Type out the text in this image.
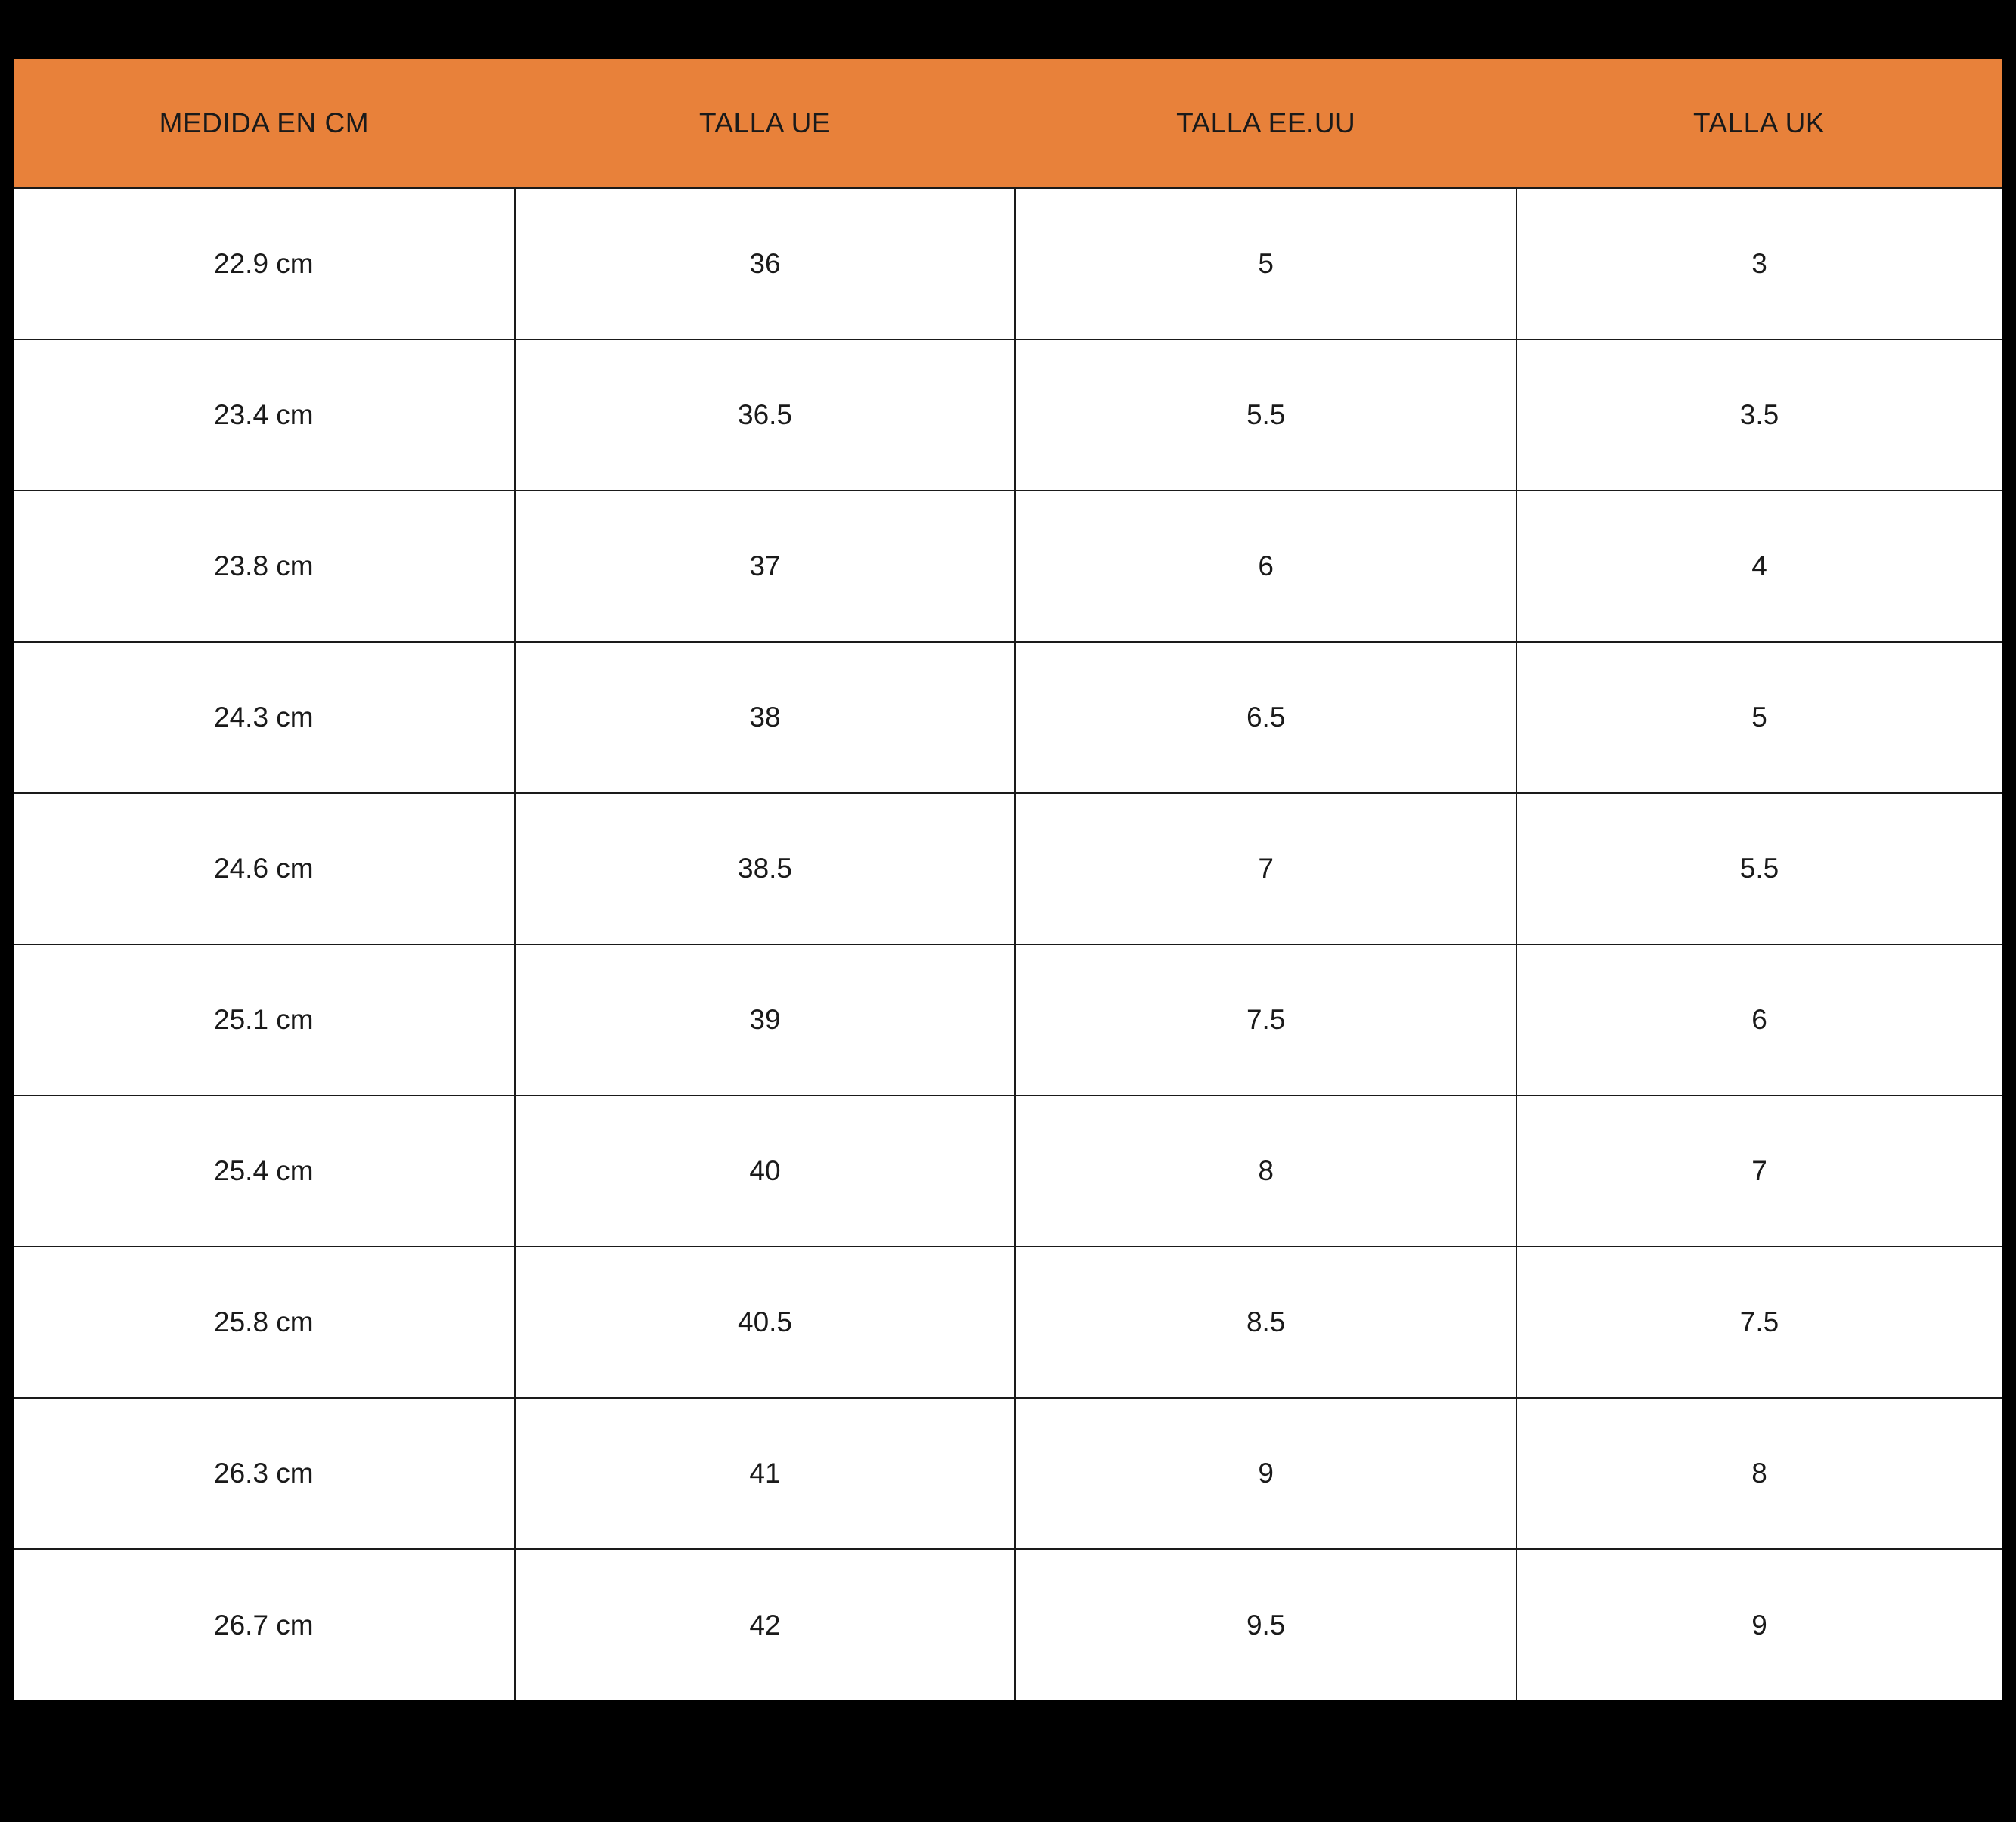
MEDIDA EN CM	TALLA UE	TALLA EE.UU	TALLA UK
22.9 cm	36	5	3
23.4 cm	36.5	5.5	3.5
23.8 cm	37	6	4
24.3 cm	38	6.5	5
24.6 cm	38.5	7	5.5
25.1 cm	39	7.5	6
25.4 cm	40	8	7
25.8 cm	40.5	8.5	7.5
26.3 cm	41	9	8
26.7 cm	42	9.5	9
